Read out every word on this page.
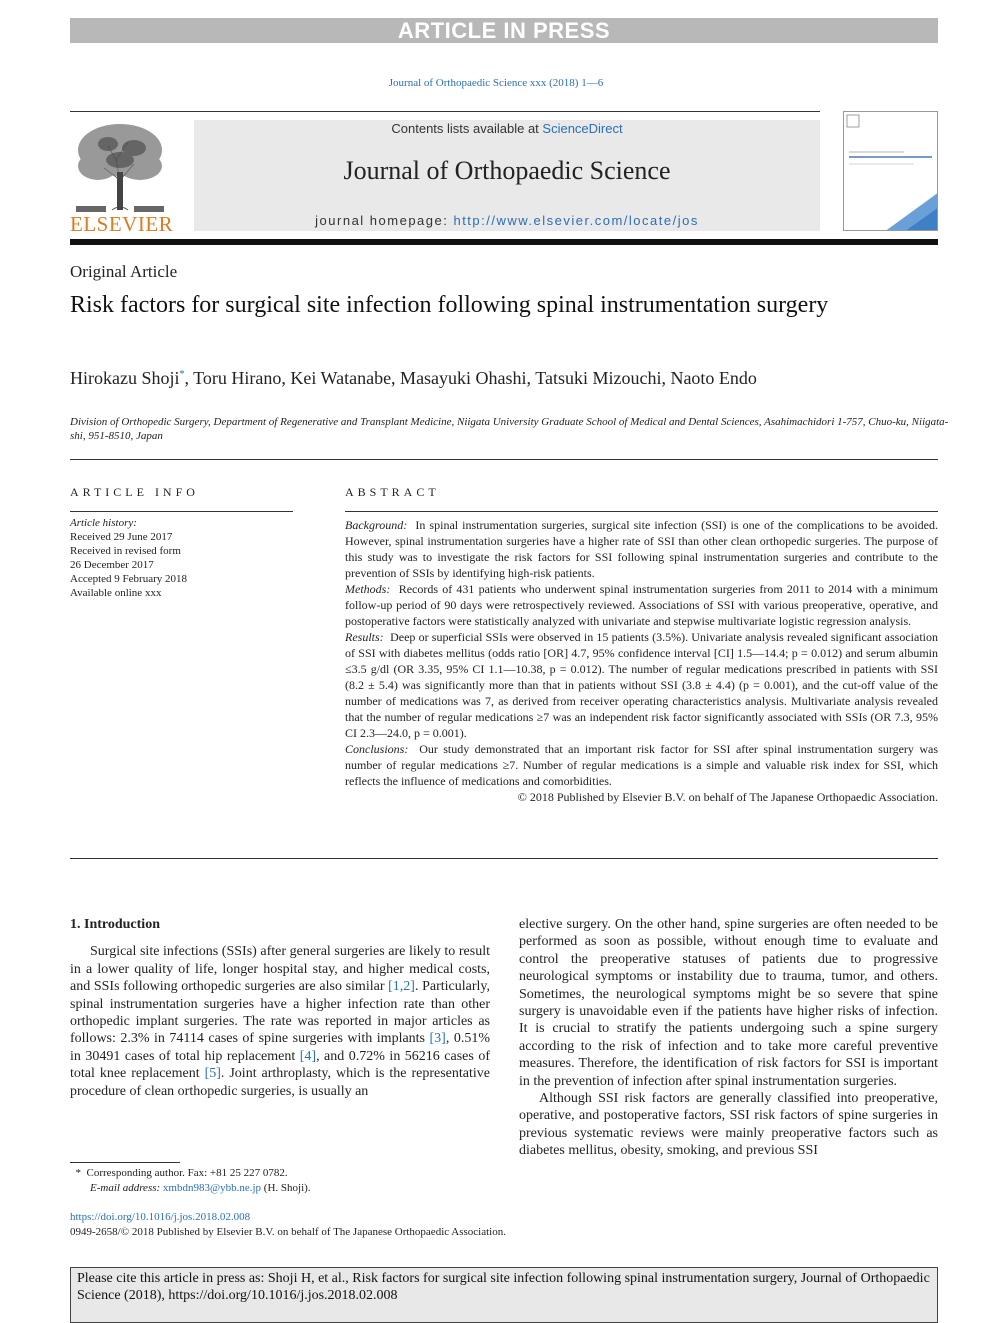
ARTICLE IN PRESS
Journal of Orthopaedic Science xxx (2018) 1—6
ELSEVIER
Contents lists available at ScienceDirect
Journal of Orthopaedic Science
journal homepage: http://www.elsevier.com/locate/jos
Original Article
Risk factors for surgical site infection following spinal instrumentation surgery
Hirokazu Shoji*, Toru Hirano, Kei Watanabe, Masayuki Ohashi, Tatsuki Mizouchi, Naoto Endo
Division of Orthopedic Surgery, Department of Regenerative and Transplant Medicine, Niigata University Graduate School of Medical and Dental Sciences, Asahimachidori 1-757, Chuo-ku, Niigata-shi, 951-8510, Japan
ARTICLE INFO
Article history:
Received 29 June 2017
Received in revised form
26 December 2017
Accepted 9 February 2018
Available online xxx
ABSTRACT

Background: In spinal instrumentation surgeries, surgical site infection (SSI) is one of the complications to be avoided. However, spinal instrumentation surgeries have a higher rate of SSI than other clean orthopedic surgeries. The purpose of this study was to investigate the risk factors for SSI following spinal instrumentation surgeries and contribute to the prevention of SSIs by identifying high-risk patients.

Methods: Records of 431 patients who underwent spinal instrumentation surgeries from 2011 to 2014 with a minimum follow-up period of 90 days were retrospectively reviewed. Associations of SSI with various preoperative, operative, and postoperative factors were statistically analyzed with univariate and stepwise multivariate logistic regression analysis.

Results: Deep or superficial SSIs were observed in 15 patients (3.5%). Univariate analysis revealed significant association of SSI with diabetes mellitus (odds ratio [OR] 4.7, 95% confidence interval [CI] 1.5—14.4; p = 0.012) and serum albumin ≤3.5 g/dl (OR 3.35, 95% CI 1.1—10.38, p = 0.012). The number of regular medications prescribed in patients with SSI (8.2 ± 5.4) was significantly more than that in patients without SSI (3.8 ± 4.4) (p = 0.001), and the cut-off value of the number of medications was 7, as derived from receiver operating characteristics analysis. Multivariate analysis revealed that the number of regular medications ≥7 was an independent risk factor significantly associated with SSIs (OR 7.3, 95% CI 2.3—24.0, p = 0.001).

Conclusions: Our study demonstrated that an important risk factor for SSI after spinal instrumentation surgery was number of regular medications ≥7. Number of regular medications is a simple and valuable risk index for SSI, which reflects the influence of medications and comorbidities.

© 2018 Published by Elsevier B.V. on behalf of The Japanese Orthopaedic Association.

1. Introduction

Surgical site infections (SSIs) after general surgeries are likely to result in a lower quality of life, longer hospital stay, and higher medical costs, and SSIs following orthopedic surgeries are also similar [1,2]. Particularly, spinal instrumentation surgeries have a higher infection rate than other orthopedic implant surgeries. The rate was reported in major articles as follows: 2.3% in 74114 cases of spine surgeries with implants [3], 0.51% in 30491 cases of total hip replacement [4], and 0.72% in 56216 cases of total knee replacement [5]. Joint arthroplasty, which is the representative procedure of clean orthopedic surgeries, is usually an

elective surgery. On the other hand, spine surgeries are often needed to be performed as soon as possible, without enough time to evaluate and control the preoperative statuses of patients due to progressive neurological symptoms or instability due to trauma, tumor, and others. Sometimes, the neurological symptoms might be so severe that spine surgery is unavoidable even if the patients have higher risks of infection. It is crucial to stratify the patients undergoing such a spine surgery according to the risk of infection and to take more careful preventive measures. Therefore, the identification of risk factors for SSI is important in the prevention of infection after spinal instrumentation surgeries.

Although SSI risk factors are generally classified into preoperative, operative, and postoperative factors, SSI risk factors of spine surgeries in previous systematic reviews were mainly preoperative factors such as diabetes mellitus, obesity, smoking, and previous SSI

* Corresponding author. Fax: +81 25 227 0782.
E-mail address: xmbdn983@ybb.ne.jp (H. Shoji).
https://doi.org/10.1016/j.jos.2018.02.008
0949-2658/© 2018 Published by Elsevier B.V. on behalf of The Japanese Orthopaedic Association.
Please cite this article in press as: Shoji H, et al., Risk factors for surgical site infection following spinal instrumentation surgery, Journal of Orthopaedic Science (2018), https://doi.org/10.1016/j.jos.2018.02.008
